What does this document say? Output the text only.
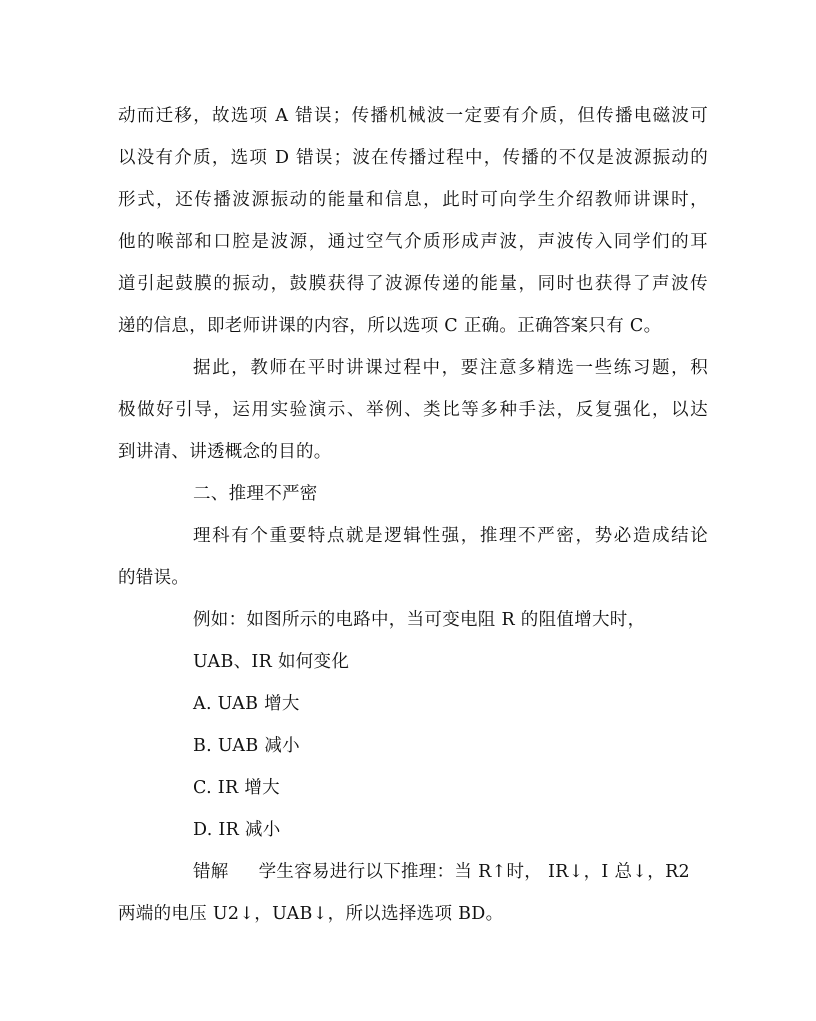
动而迁移，故选项 A 错误；传播机械波一定要有介质，但传播电磁波可
以没有介质，选项 D 错误；波在传播过程中，传播的不仅是波源振动的
形式，还传播波源振动的能量和信息，此时可向学生介绍教师讲课时，
他的喉部和口腔是波源，通过空气介质形成声波，声波传入同学们的耳
道引起鼓膜的振动，鼓膜获得了波源传递的能量，同时也获得了声波传
递的信息，即老师讲课的内容，所以选项 C 正确。正确答案只有 C。
据此，教师在平时讲课过程中，要注意多精选一些练习题，积
极做好引导，运用实验演示、举例、类比等多种手法，反复强化，以达
到讲清、讲透概念的目的。
二、推理不严密
理科有个重要特点就是逻辑性强，推理不严密，势必造成结论
的错误。
例如：如图所示的电路中，当可变电阻 R 的阻值增大时，
UAB、IR 如何变化
A. UAB 增大
B. UAB 减小
C. IR 增大
D. IR 减小
错解 学生容易进行以下推理：当 R↑时， IR↓，I 总↓，R2
两端的电压 U2↓，UAB↓，所以选择选项 BD。
